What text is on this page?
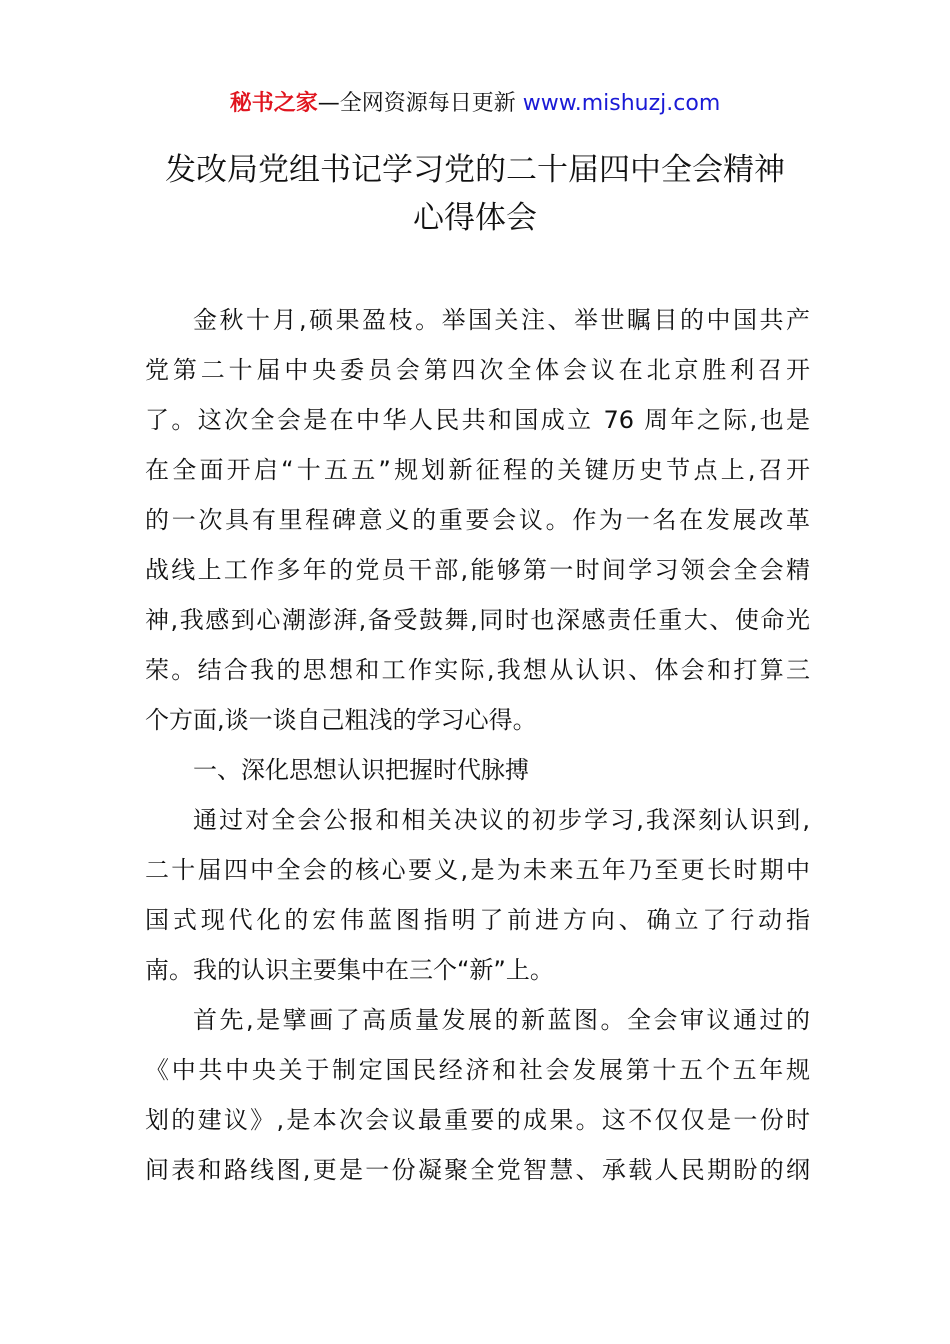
秘书之家—全网资源每日更新 www.mishuzj.com
发改局党组书记学习党的二十届四中全会精神
心得体会
金秋十月,硕果盈枝。举国关注、举世瞩目的中国共产
党第二十届中央委员会第四次全体会议在北京胜利召开
了。这次全会是在中华人民共和国成立 76 周年之际,也是
在全面开启“十五五”规划新征程的关键历史节点上,召开
的一次具有里程碑意义的重要会议。作为一名在发展改革
战线上工作多年的党员干部,能够第一时间学习领会全会精
神,我感到心潮澎湃,备受鼓舞,同时也深感责任重大、使命光
荣。结合我的思想和工作实际,我想从认识、体会和打算三
个方面,谈一谈自己粗浅的学习心得。
一、深化思想认识把握时代脉搏
通过对全会公报和相关决议的初步学习,我深刻认识到,
二十届四中全会的核心要义,是为未来五年乃至更长时期中
国式现代化的宏伟蓝图指明了前进方向、确立了行动指
南。我的认识主要集中在三个“新”上。
首先,是擘画了高质量发展的新蓝图。全会审议通过的
《中共中央关于制定国民经济和社会发展第十五个五年规
划的建议》,是本次会议最重要的成果。这不仅仅是一份时
间表和路线图,更是一份凝聚全党智慧、承载人民期盼的纲
